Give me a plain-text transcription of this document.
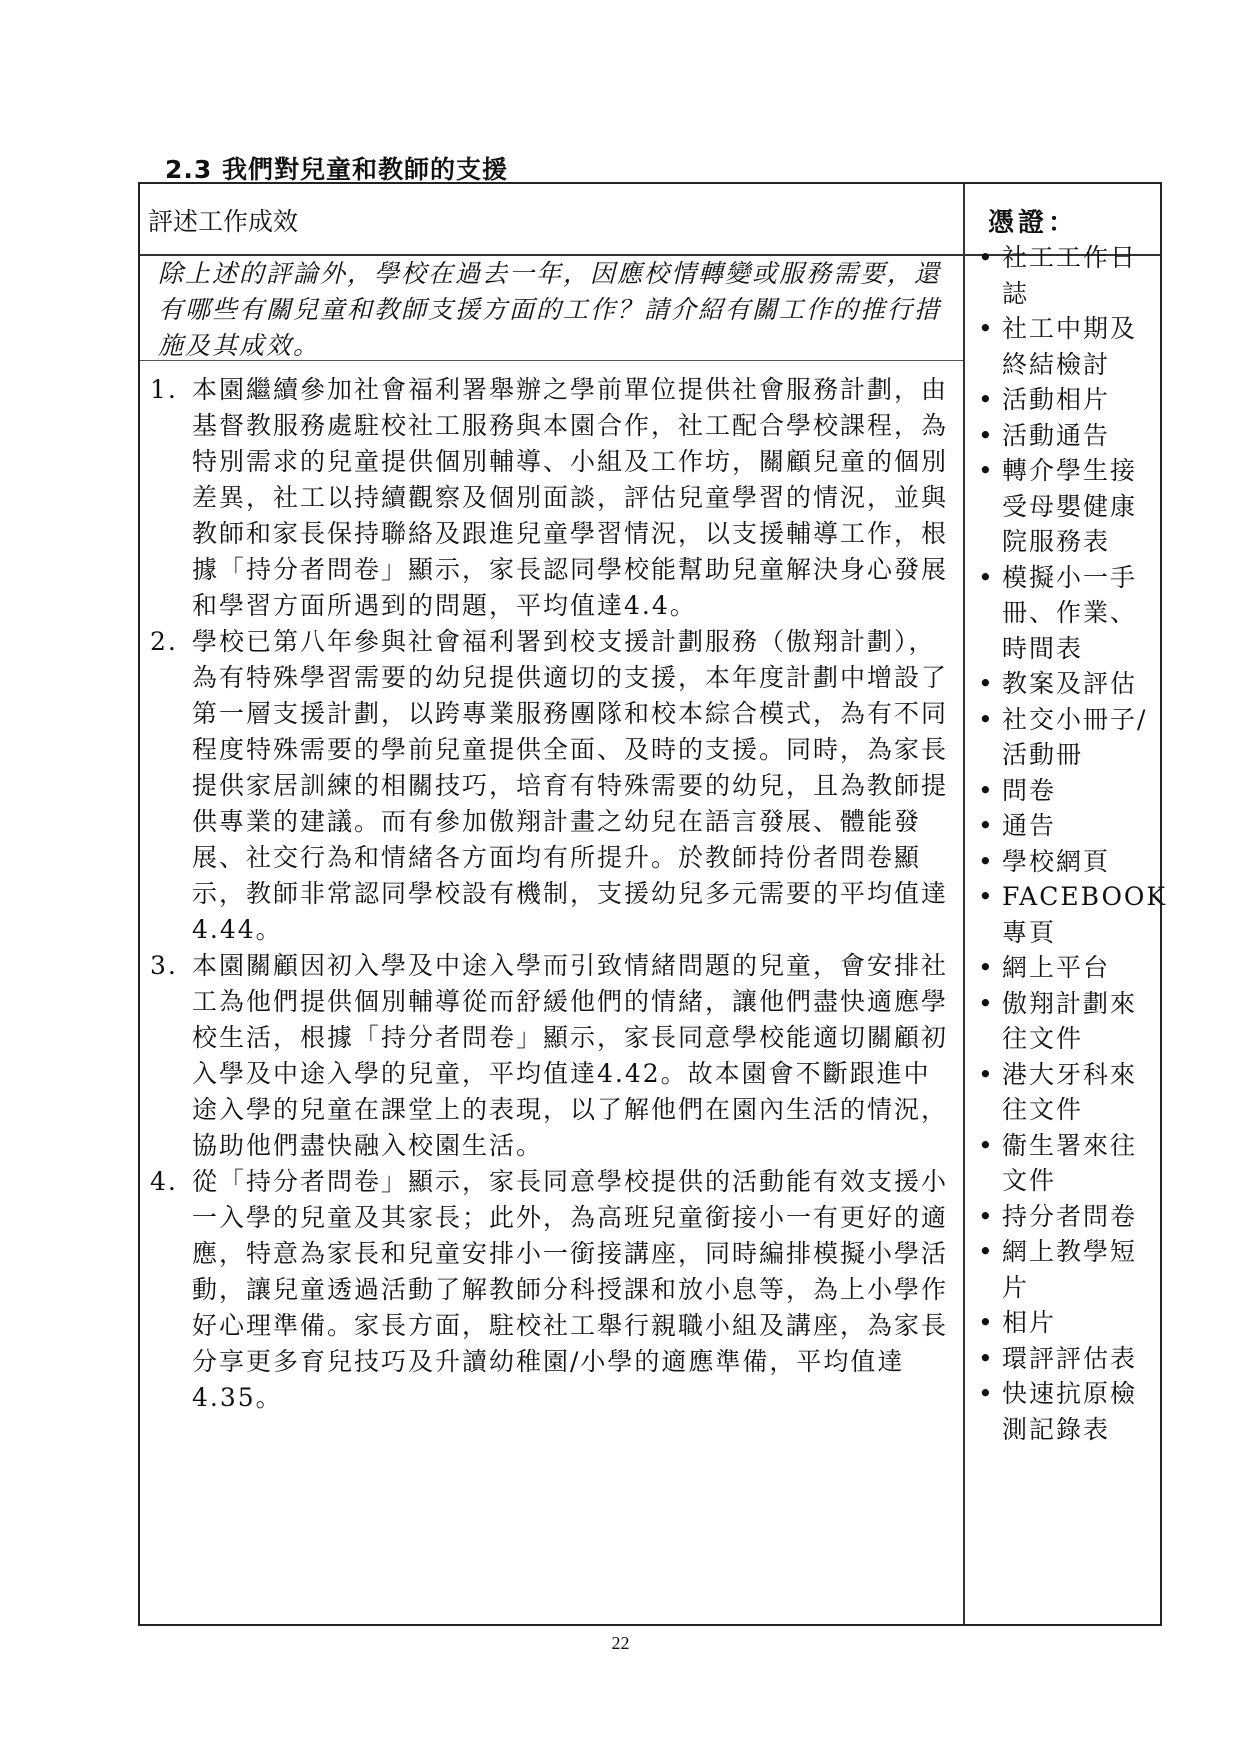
2.3 我們對兒童和教師的支援
評述工作成效	憑證：
除上述的評論外，學校在過去一年，因應校情轉變或服務需要，還有哪些有關兒童和教師支援方面的工作？請介紹有關工作的推行措施及其成效。
1. 本園繼續參加社會福利署舉辦之學前單位提供社會服務計劃，由基督教服務處駐校社工服務與本園合作，社工配合學校課程，為特別需求的兒童提供個別輔導、小組及工作坊，關顧兒童的個別差異，社工以持續觀察及個別面談，評估兒童學習的情況，並與教師和家長保持聯絡及跟進兒童學習情況，以支援輔導工作，根據「持分者問卷」顯示，家長認同學校能幫助兒童解決身心發展和學習方面所遇到的問題，平均值達4.4。
2. 學校已第八年參與社會福利署到校支援計劃服務（傲翔計劃），為有特殊學習需要的幼兒提供適切的支援，本年度計劃中增設了第一層支援計劃，以跨專業服務團隊和校本綜合模式，為有不同程度特殊需要的學前兒童提供全面、及時的支援。同時，為家長提供家居訓練的相關技巧，培育有特殊需要的幼兒，且為教師提供專業的建議。而有參加傲翔計畫之幼兒在語言發展、體能發展、社交行為和情緒各方面均有所提升。於教師持份者問卷顯示，教師非常認同學校設有機制，支援幼兒多元需要的平均值達4.44。
3. 本園關顧因初入學及中途入學而引致情緒問題的兒童，會安排社工為他們提供個別輔導從而舒緩他們的情緒，讓他們盡快適應學校生活，根據「持分者問卷」顯示，家長同意學校能適切關顧初入學及中途入學的兒童，平均值達4.42。故本園會不斷跟進中途入學的兒童在課堂上的表現，以了解他們在園內生活的情況，協助他們盡快融入校園生活。
4. 從「持分者問卷」顯示，家長同意學校提供的活動能有效支援小一入學的兒童及其家長；此外，為高班兒童銜接小一有更好的適應，特意為家長和兒童安排小一銜接講座，同時編排模擬小學活動，讓兒童透過活動了解教師分科授課和放小息等，為上小學作好心理準備。家長方面，駐校社工舉行親職小組及講座，為家長分享更多育兒技巧及升讀幼稚園/小學的適應準備，平均值達4.35。
• 社工工作日誌
• 社工中期及終結檢討
• 活動相片
• 活動通告
• 轉介學生接受母嬰健康院服務表
• 模擬小一手冊、作業、時間表
• 教案及評估
• 社交小冊子/活動冊
• 問卷
• 通告
• 學校網頁
• FACEBOOK專頁
• 網上平台
• 傲翔計劃來往文件
• 港大牙科來往文件
• 衞生署來往文件
• 持分者問卷
• 網上教學短片
• 相片
• 環評評估表
• 快速抗原檢測記錄表
22
